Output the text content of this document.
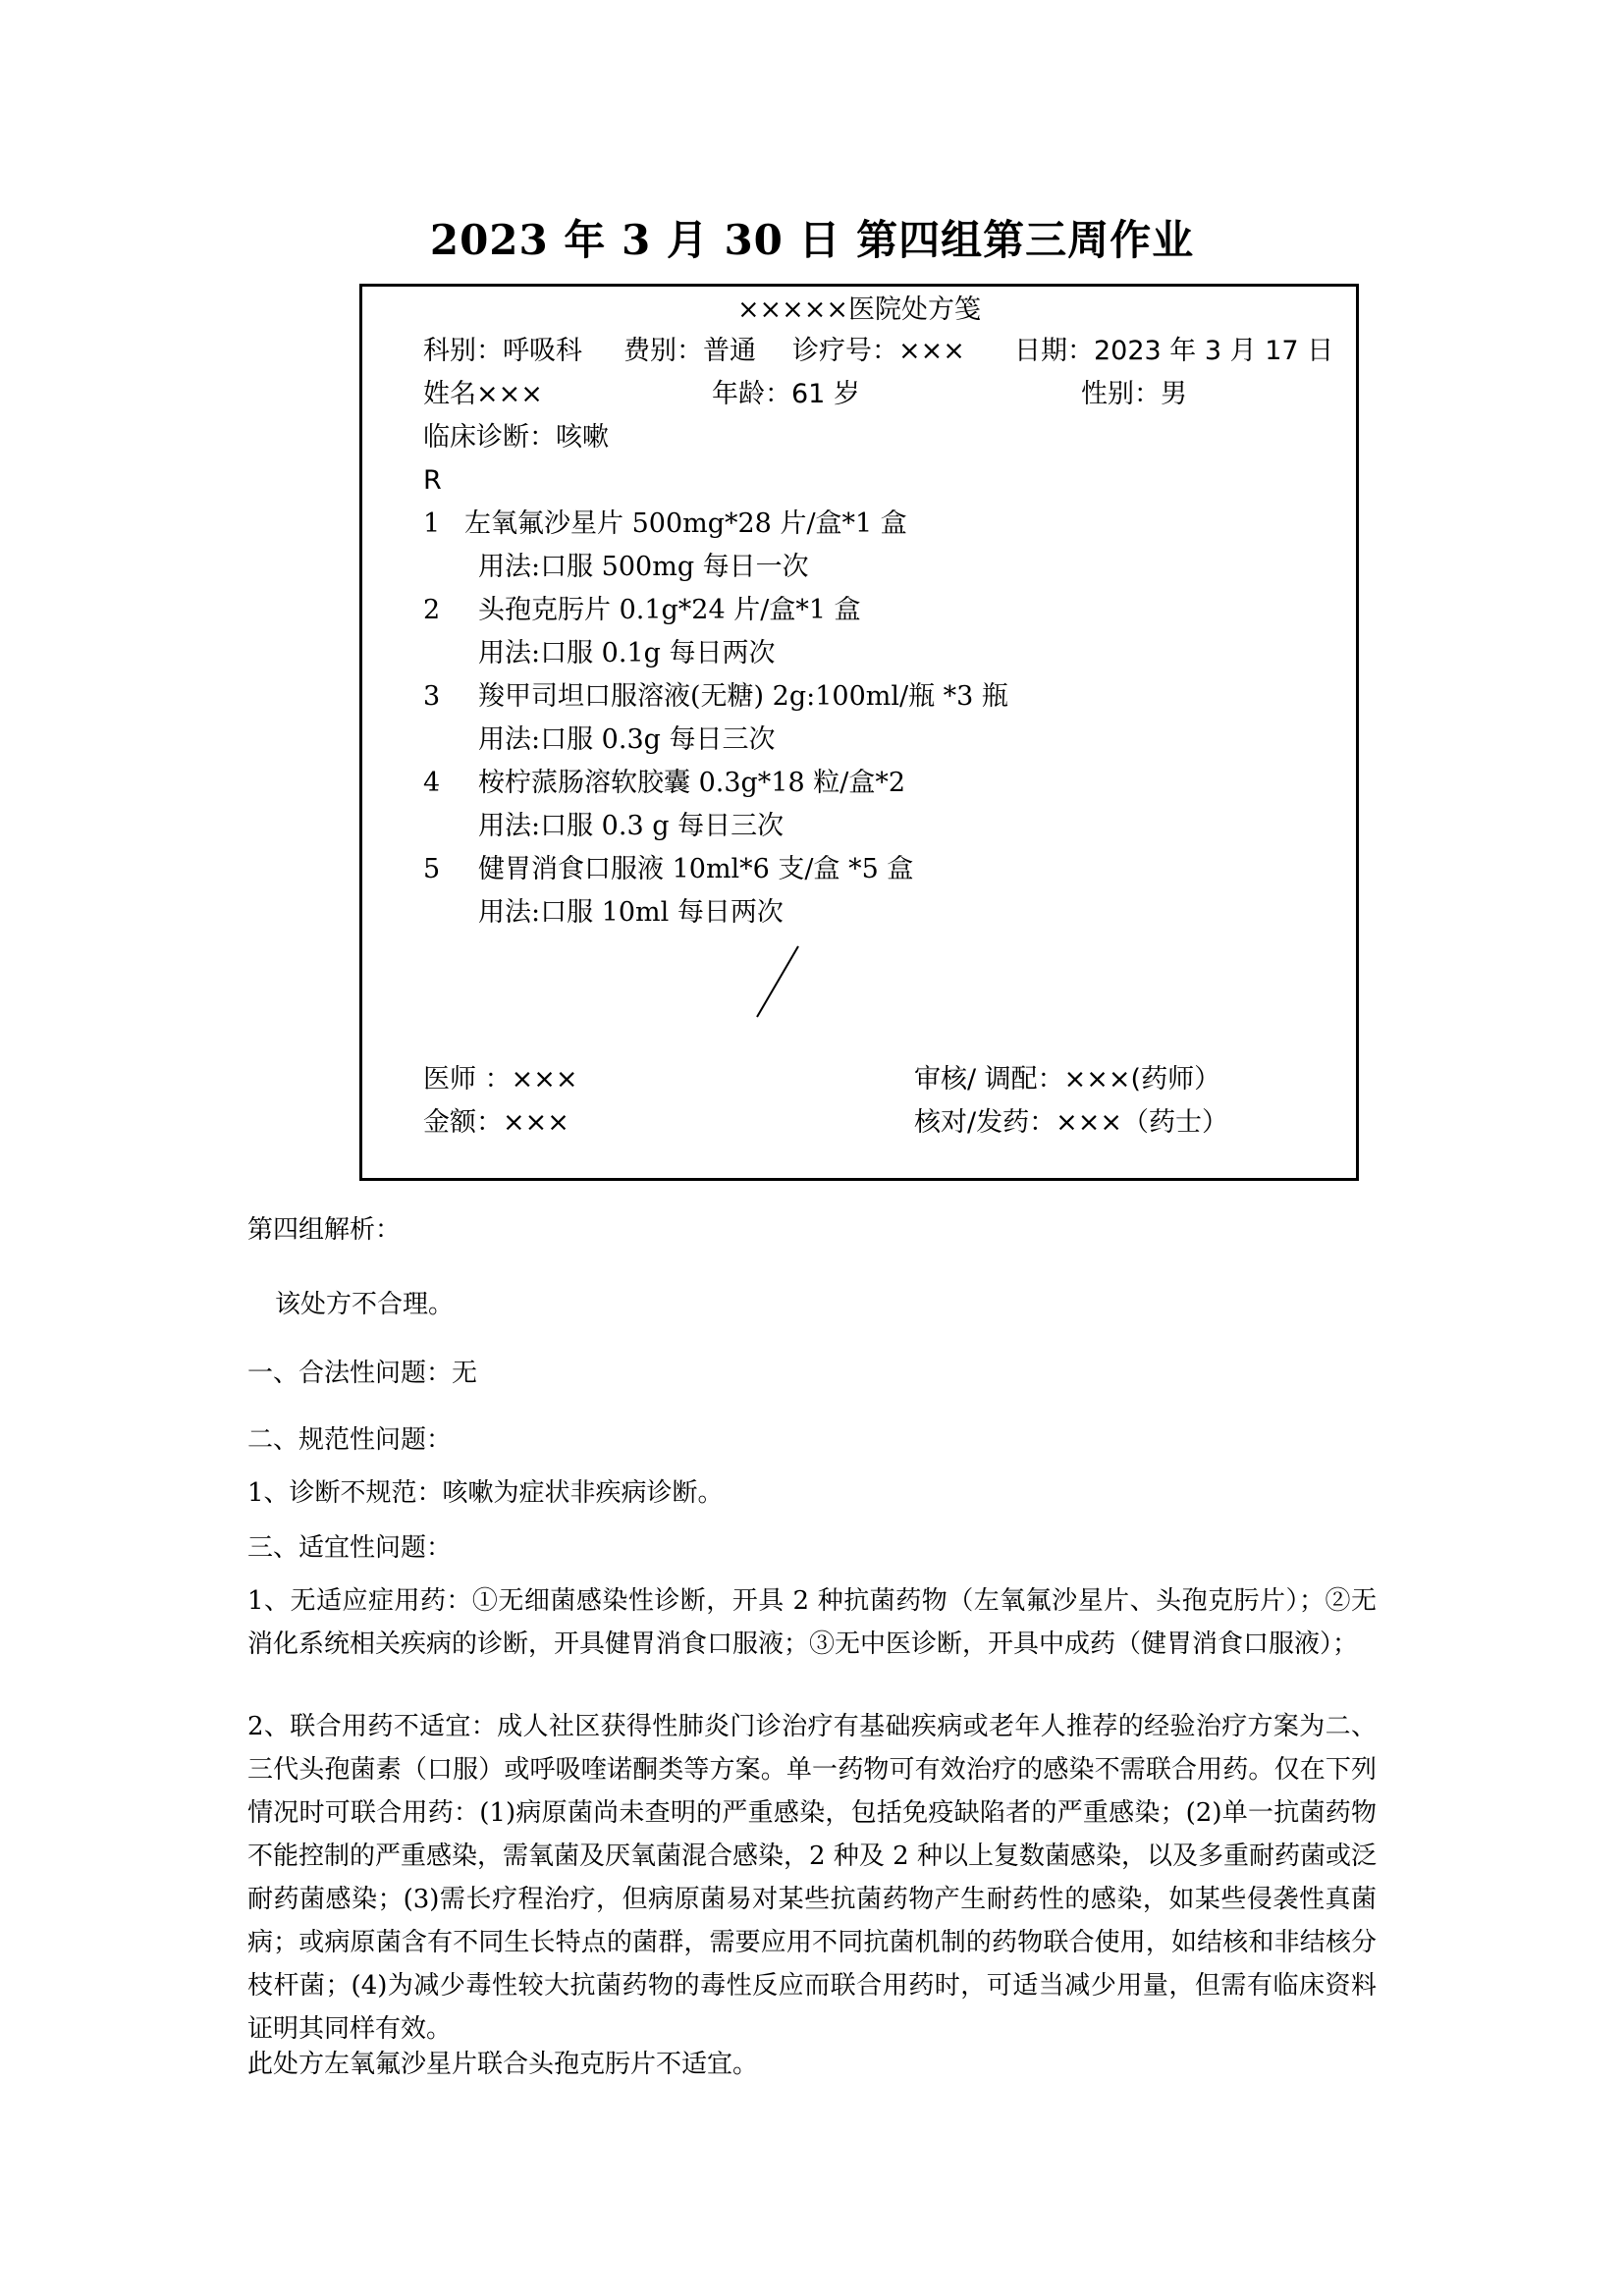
2023 年 3 月 30 日 第四组第三周作业
×××××医院处方笺
科别：呼吸科 费别：普通 诊疗号：××× 日期：2023 年 3 月 17 日
姓名×××	年龄：61 岁	性别：男
临床诊断：咳嗽
R
1 左氧氟沙星片 500mg*28 片/盒*1 盒
用法:口服 500mg 每日一次
2 头孢克肟片 0.1g*24 片/盒*1 盒
用法:口服 0.1g 每日两次
3 羧甲司坦口服溶液(无糖) 2g:100ml/瓶 *3 瓶
用法:口服 0.3g 每日三次
4 桉柠蒎肠溶软胶囊 0.3g*18 粒/盒*2
用法:口服 0.3 g 每日三次
5 健胃消食口服液 10ml*6 支/盒 *5 盒
用法:口服 10ml 每日两次
医师 ：×××	审核/ 调配：×××(药师）
金额：×××	核对/发药：×××（药士）
第四组解析：
该处方不合理。
一、合法性问题：无
二、规范性问题：
1、诊断不规范：咳嗽为症状非疾病诊断。
三、适宜性问题：
1、无适应症用药：①无细菌感染性诊断，开具 2 种抗菌药物（左氧氟沙星片、头孢克肟片）；②无消化系统相关疾病的诊断，开具健胃消食口服液；③无中医诊断，开具中成药（健胃消食口服液）；
2、联合用药不适宜：成人社区获得性肺炎门诊治疗有基础疾病或老年人推荐的经验治疗方案为二、三代头孢菌素（口服）或呼吸喹诺酮类等方案。单一药物可有效治疗的感染不需联合用药。仅在下列情况时可联合用药：(1)病原菌尚未查明的严重感染，包括免疫缺陷者的严重感染；(2)单一抗菌药物不能控制的严重感染，需氧菌及厌氧菌混合感染，2 种及 2 种以上复数菌感染，以及多重耐药菌或泛耐药菌感染；(3)需长疗程治疗，但病原菌易对某些抗菌药物产生耐药性的感染，如某些侵袭性真菌病；或病原菌含有不同生长特点的菌群，需要应用不同抗菌机制的药物联合使用，如结核和非结核分枝杆菌；(4)为减少毒性较大抗菌药物的毒性反应而联合用药时，可适当减少用量，但需有临床资料证明其同样有效。
此处方左氧氟沙星片联合头孢克肟片不适宜。
